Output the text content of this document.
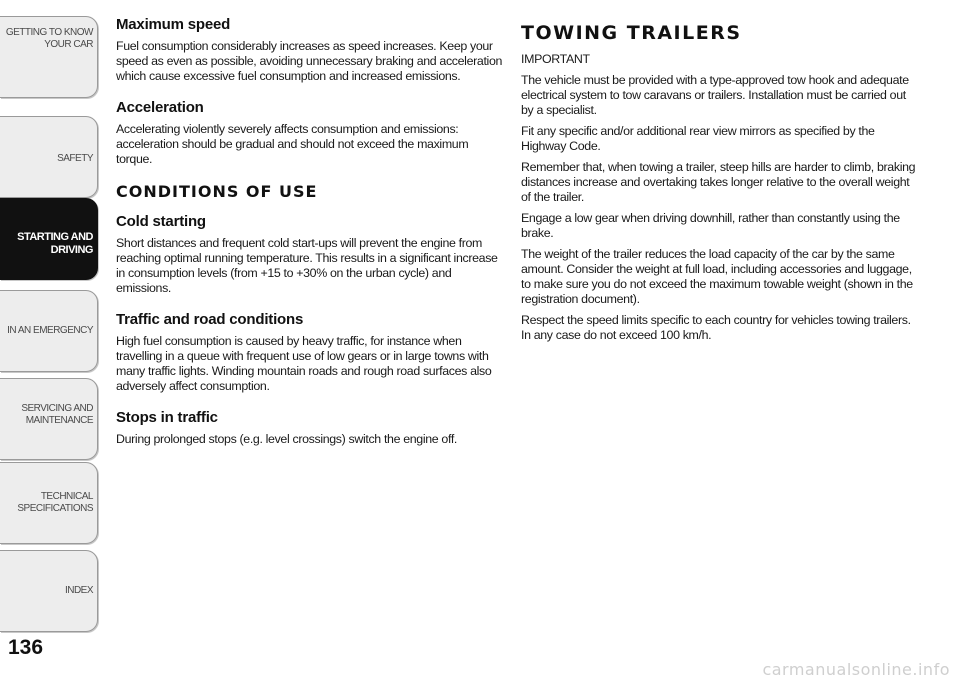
GETTING TO KNOW
YOUR CAR
SAFETY
STARTING AND
DRIVING
IN AN EMERGENCY
SERVICING AND
MAINTENANCE
TECHNICAL
SPECIFICATIONS
INDEX
136
Maximum speed

Fuel consumption considerably increases as speed increases. Keep your speed as even as possible, avoiding unnecessary braking and acceleration which cause excessive fuel consumption and increased emissions.

Acceleration

Accelerating violently severely affects consumption and emissions: acceleration should be gradual and should not exceed the maximum torque.

CONDITIONS OF USE
Cold starting

Short distances and frequent cold start-ups will prevent the engine from reaching optimal running temperature. This results in a significant increase in consumption levels (from +15 to +30% on the urban cycle) and emissions.

Traffic and road conditions

High fuel consumption is caused by heavy traffic, for instance when travelling in a queue with frequent use of low gears or in large towns with many traffic lights. Winding mountain roads and rough road surfaces also adversely affect consumption.

Stops in traffic

During prolonged stops (e.g. level crossings) switch the engine off.

TOWING TRAILERS

IMPORTANT

The vehicle must be provided with a type-approved tow hook and adequate electrical system to tow caravans or trailers. Installation must be carried out by a specialist.

Fit any specific and/or additional rear view mirrors as specified by the Highway Code.

Remember that, when towing a trailer, steep hills are harder to climb, braking distances increase and overtaking takes longer relative to the overall weight of the trailer.

Engage a low gear when driving downhill, rather than constantly using the brake.

The weight of the trailer reduces the load capacity of the car by the same amount. Consider the weight at full load, including accessories and luggage, to make sure you do not exceed the maximum towable weight (shown in the registration document).

Respect the speed limits specific to each country for vehicles towing trailers. In any case do not exceed 100 km/h.

carmanualsonline.info
